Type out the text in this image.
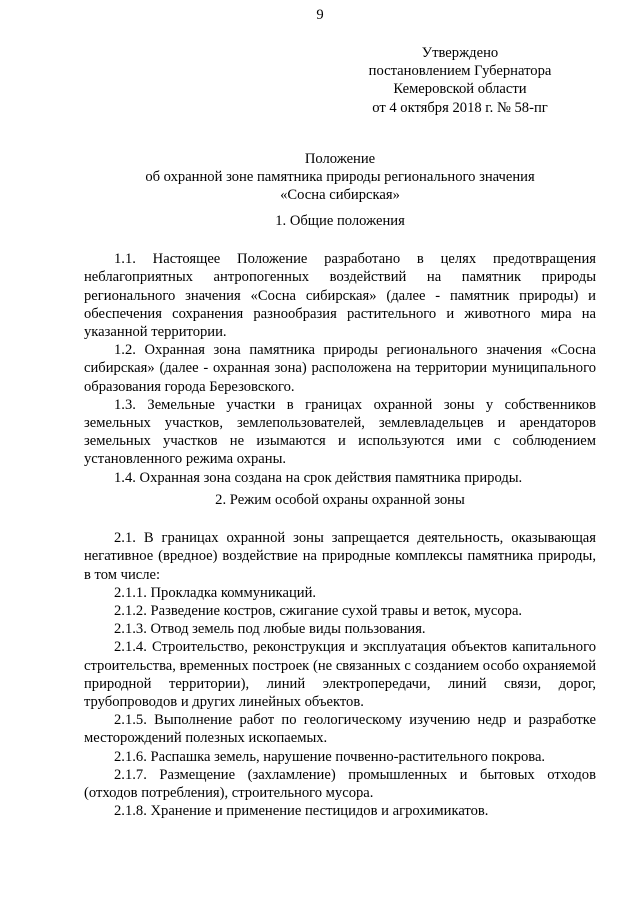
9
Утверждено
постановлением Губернатора
Кемеровской области
от 4 октября 2018 г. № 58-пг
Положение
об охранной зоне памятника природы регионального значения
«Сосна сибирская»
1. Общие положения

1.1. Настоящее Положение разработано в целях предотвращения неблагоприятных антропогенных воздействий на памятник природы регионального значения «Сосна сибирская» (далее - памятник природы) и обеспечения сохранения разнообразия растительного и животного мира на указанной территории.

1.2. Охранная зона памятника природы регионального значения «Сосна сибирская» (далее - охранная зона) расположена на территории муниципального образования города Березовского.

1.3. Земельные участки в границах охранной зоны у собственников земельных участков, землепользователей, землевладельцев и арендаторов земельных участков не изымаются и используются ими с соблюдением установленного режима охраны.

1.4. Охранная зона создана на срок действия памятника природы.

2. Режим особой охраны охранной зоны

2.1. В границах охранной зоны запрещается деятельность, оказывающая негативное (вредное) воздействие на природные комплексы памятника природы, в том числе:

2.1.1. Прокладка коммуникаций.

2.1.2. Разведение костров, сжигание сухой травы и веток, мусора.

2.1.3. Отвод земель под любые виды пользования.

2.1.4. Строительство, реконструкция и эксплуатация объектов капитального строительства, временных построек (не связанных с созданием особо охраняемой природной территории), линий электропередачи, линий связи, дорог, трубопроводов и других линейных объектов.

2.1.5. Выполнение работ по геологическому изучению недр и разработке месторождений полезных ископаемых.

2.1.6. Распашка земель, нарушение почвенно-растительного покрова.

2.1.7. Размещение (захламление) промышленных и бытовых отходов (отходов потребления), строительного мусора.

2.1.8. Хранение и применение пестицидов и агрохимикатов.
